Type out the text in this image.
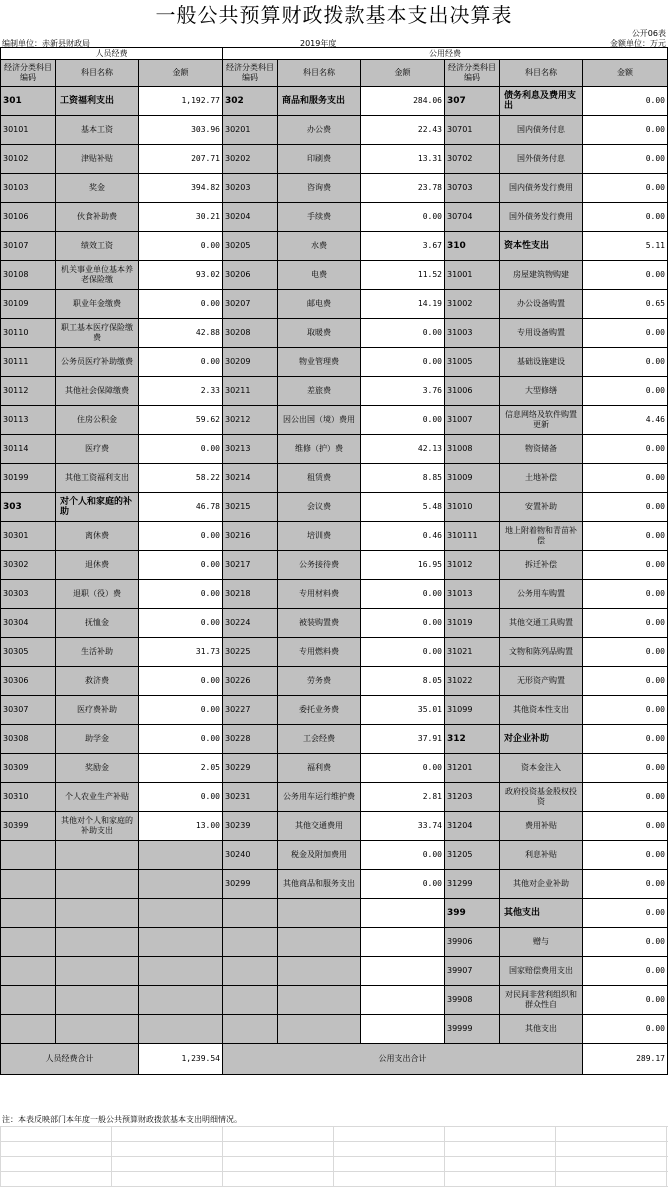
一般公共预算财政拨款基本支出决算表
公开06表
编制单位：赤新县财政局	2019年度	金额单位：万元
人员经费			公用经费					
经济分类科目编码	科目名称	金额	经济分类科目编码	科目名称	金额	经济分类科目编码	科目名称	金额
301	工资福利支出	1,192.77	302	商品和服务支出	284.06	307	债务利息及费用支出	0.00
30101	基本工资	303.96	30201	办公费	22.43	30701	国内债务付息	0.00
30102	津贴补贴	207.71	30202	印刷费	13.31	30702	国外债务付息	0.00
30103	奖金	394.82	30203	咨询费	23.78	30703	国内债务发行费用	0.00
30106	伙食补助费	30.21	30204	手续费	0.00	30704	国外债务发行费用	0.00
30107	绩效工资	0.00	30205	水费	3.67	310	资本性支出	5.11
30108	机关事业单位基本养老保险缴	93.02	30206	电费	11.52	31001	房屋建筑物购建	0.00
30109	职业年金缴费	0.00	30207	邮电费	14.19	31002	办公设备购置	0.65
30110	职工基本医疗保险缴费	42.88	30208	取暖费	0.00	31003	专用设备购置	0.00
30111	公务员医疗补助缴费	0.00	30209	物业管理费	0.00	31005	基础设施建设	0.00
30112	其他社会保障缴费	2.33	30211	差旅费	3.76	31006	大型修缮	0.00
30113	住房公积金	59.62	30212	因公出国（境）费用	0.00	31007	信息网络及软件购置更新	4.46
30114	医疗费	0.00	30213	维修（护）费	42.13	31008	物资储备	0.00
30199	其他工资福利支出	58.22	30214	租赁费	8.85	31009	土地补偿	0.00
303	对个人和家庭的补助	46.78	30215	会议费	5.48	31010	安置补助	0.00
30301	离休费	0.00	30216	培训费	0.46	310111	地上附着物和青苗补偿	0.00
30302	退休费	0.00	30217	公务接待费	16.95	31012	拆迁补偿	0.00
30303	退职（役）费	0.00	30218	专用材料费	0.00	31013	公务用车购置	0.00
30304	抚恤金	0.00	30224	被装购置费	0.00	31019	其他交通工具购置	0.00
30305	生活补助	31.73	30225	专用燃料费	0.00	31021	文物和陈列品购置	0.00
30306	救济费	0.00	30226	劳务费	8.05	31022	无形资产购置	0.00
30307	医疗费补助	0.00	30227	委托业务费	35.01	31099	其他资本性支出	0.00
30308	助学金	0.00	30228	工会经费	37.91	312	对企业补助	0.00
30309	奖励金	2.05	30229	福利费	0.00	31201	资本金注入	0.00
30310	个人农业生产补贴	0.00	30231	公务用车运行维护费	2.81	31203	政府投资基金股权投资	0.00
30399	其他对个人和家庭的补助支出	13.00	30239	其他交通费用	33.74	31204	费用补贴	0.00
			30240	税金及附加费用	0.00	31205	利息补贴	0.00
			30299	其他商品和服务支出	0.00	31299	其他对企业补助	0.00
						399	其他支出	0.00
						39906	赠与	0.00
						39907	国家赔偿费用支出	0.00
						39908	对民间非营利组织和群众性自	0.00
						39999	其他支出	0.00
人员经费合计		1,239.54	公用支出合计					289.17
注：本表反映部门本年度一般公共预算财政拨款基本支出明细情况。
